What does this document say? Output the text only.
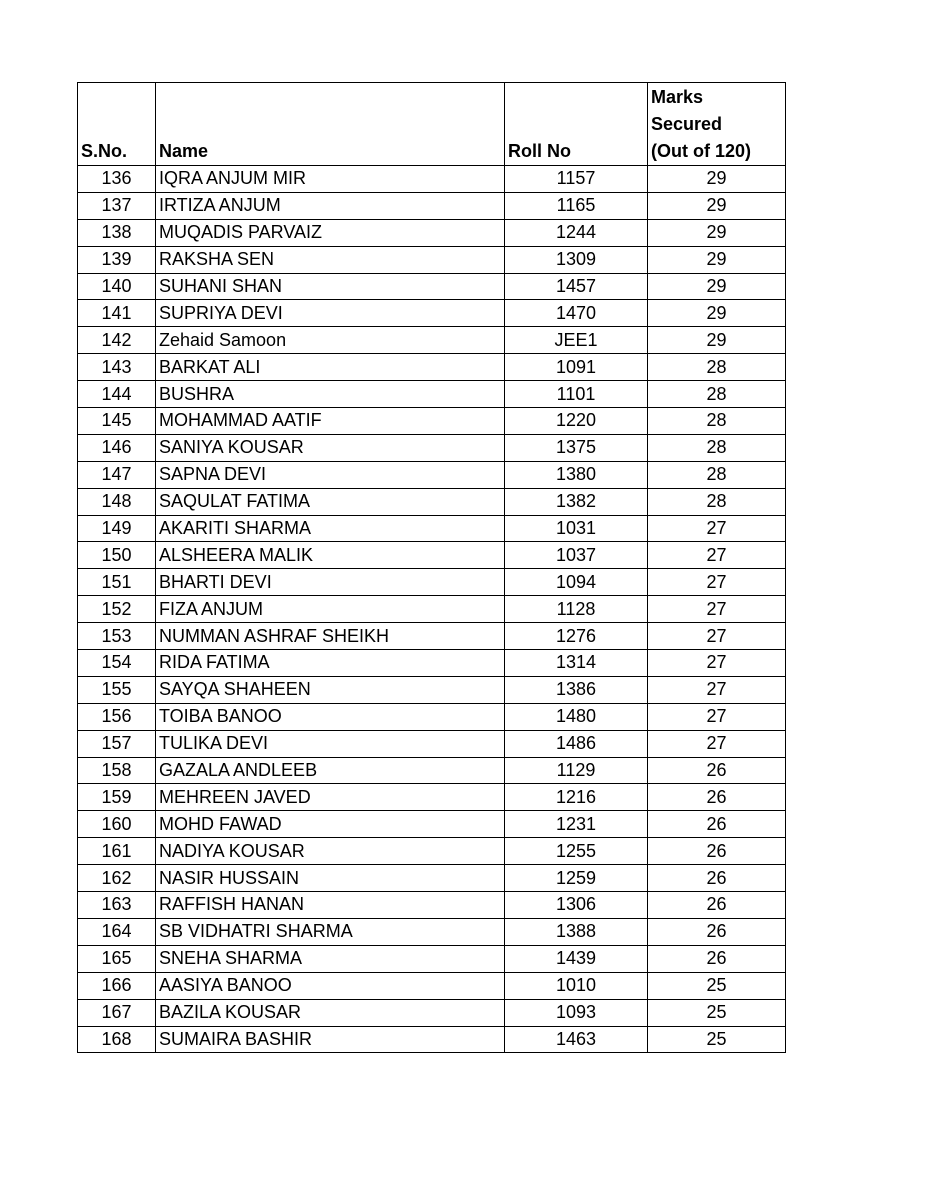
S.No.	Name	Roll No	Marks
Secured
(Out of 120)

136	IQRA ANJUM MIR	1157	29
137	IRTIZA ANJUM	1165	29
138	MUQADIS PARVAIZ	1244	29
139	RAKSHA SEN	1309	29
140	SUHANI SHAN	1457	29
141	SUPRIYA DEVI	1470	29
142	Zehaid Samoon	JEE1	29
143	BARKAT ALI	1091	28
144	BUSHRA	1101	28
145	MOHAMMAD AATIF	1220	28
146	SANIYA KOUSAR	1375	28
147	SAPNA DEVI	1380	28
148	SAQULAT FATIMA	1382	28
149	AKARITI SHARMA	1031	27
150	ALSHEERA MALIK	1037	27
151	BHARTI DEVI	1094	27
152	FIZA ANJUM	1128	27
153	NUMMAN ASHRAF SHEIKH	1276	27
154	RIDA FATIMA	1314	27
155	SAYQA SHAHEEN	1386	27
156	TOIBA BANOO	1480	27
157	TULIKA DEVI	1486	27
158	GAZALA ANDLEEB	1129	26
159	MEHREEN JAVED	1216	26
160	MOHD FAWAD	1231	26
161	NADIYA KOUSAR	1255	26
162	NASIR HUSSAIN	1259	26
163	RAFFISH HANAN	1306	26
164	SB VIDHATRI SHARMA	1388	26
165	SNEHA SHARMA	1439	26
166	AASIYA BANOO	1010	25
167	BAZILA KOUSAR	1093	25
168	SUMAIRA BASHIR	1463	25
